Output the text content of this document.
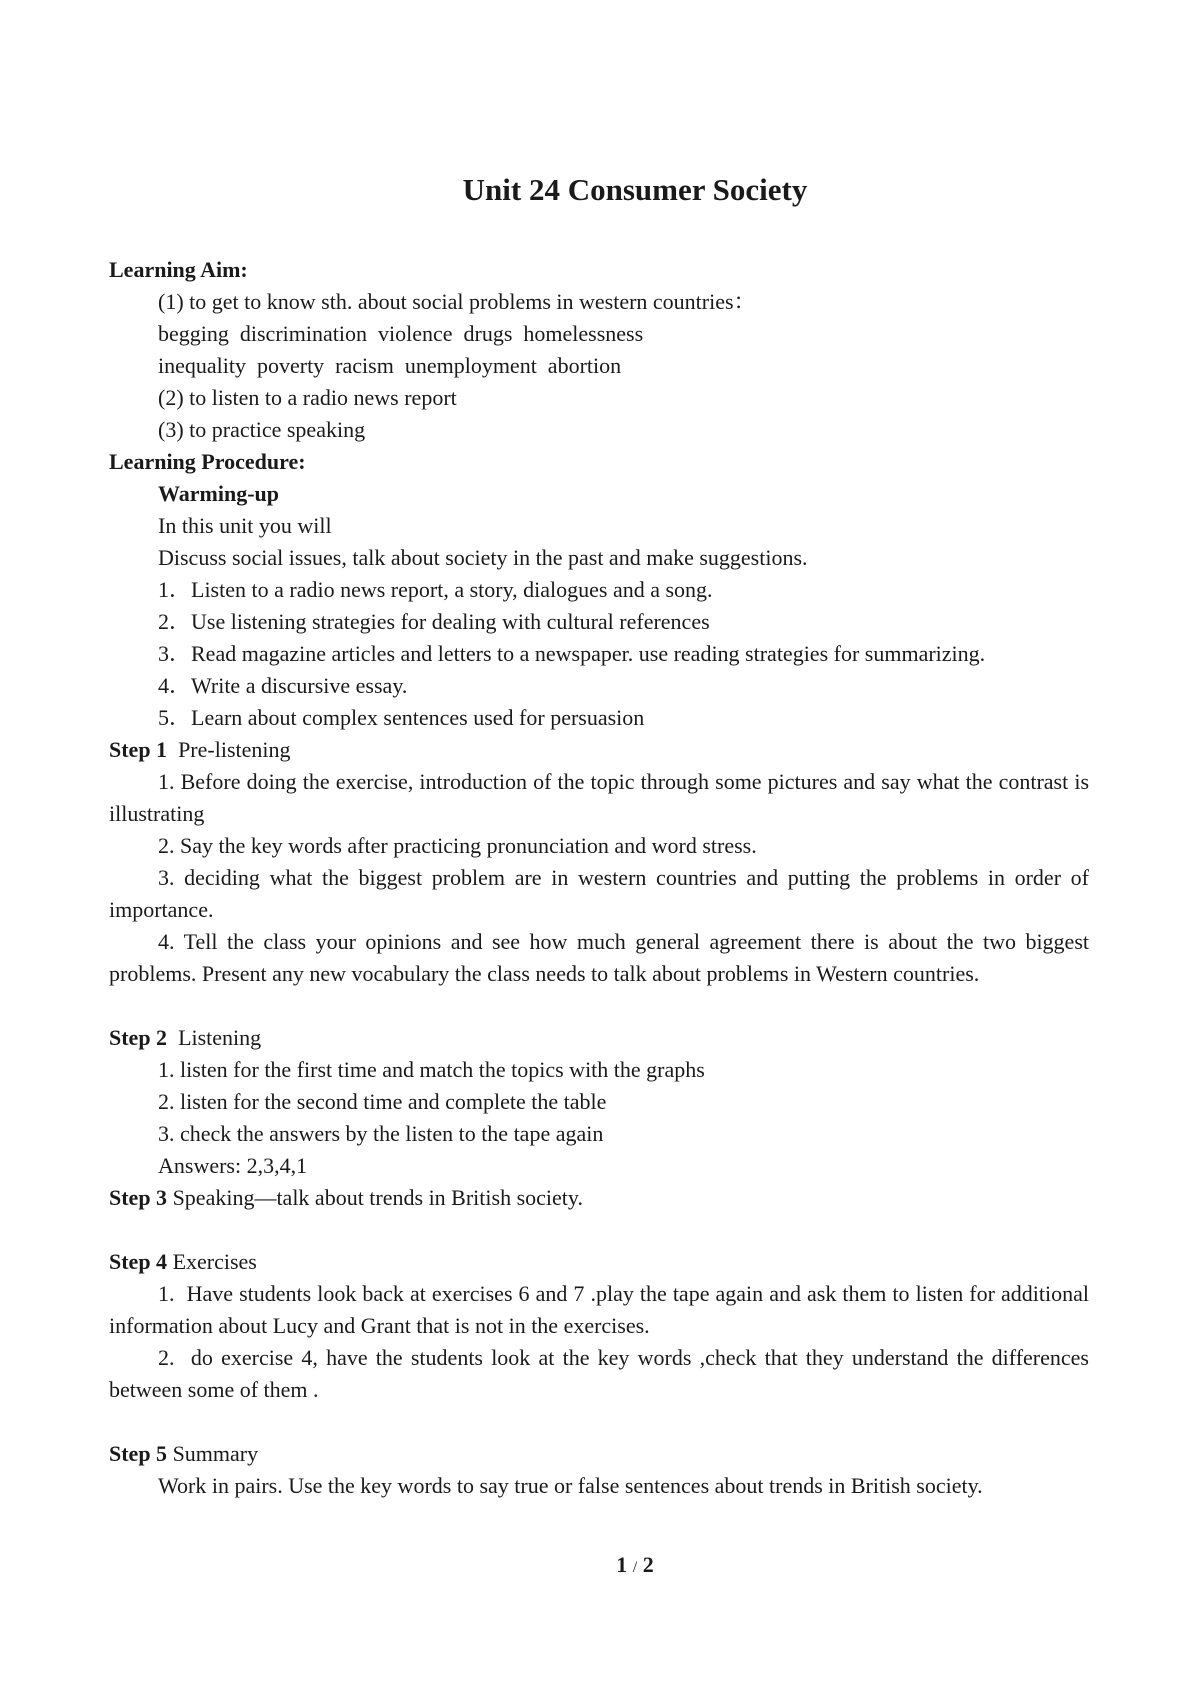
Unit 24 Consumer Society
Learning Aim:
(1) to get to know sth. about social problems in western countries：
begging  discrimination  violence  drugs  homelessness
inequality  poverty  racism  unemployment  abortion
(2) to listen to a radio news report
(3) to practice speaking
Learning Procedure:
Warming-up
In this unit you will
Discuss social issues, talk about society in the past and make suggestions.
1．Listen to a radio news report, a story, dialogues and a song.
2．Use listening strategies for dealing with cultural references
3．Read magazine articles and letters to a newspaper. use reading strategies for summarizing.
4．Write a discursive essay.
5．Learn about complex sentences used for persuasion
Step 1 Pre-listening
1. Before doing the exercise, introduction of the topic through some pictures and say what the contrast is illustrating
2. Say the key words after practicing pronunciation and word stress.
3. deciding what the biggest problem are in western countries and putting the problems in order of importance.
4. Tell the class your opinions and see how much general agreement there is about the two biggest problems. Present any new vocabulary the class needs to talk about problems in Western countries.
Step 2 Listening
1. listen for the first time and match the topics with the graphs
2. listen for the second time and complete the table
3. check the answers by the listen to the tape again
Answers: 2,3,4,1
Step 3 Speaking—talk about trends in British society.
Step 4 Exercises
1.  Have students look back at exercises 6 and 7 .play the tape again and ask them to listen for additional information about Lucy and Grant that is not in the exercises.
2.  do exercise 4, have the students look at the key words ,check that they understand the differences between some of them .
Step 5 Summary
Work in pairs. Use the key words to say true or false sentences about trends in British society.
1 / 2
